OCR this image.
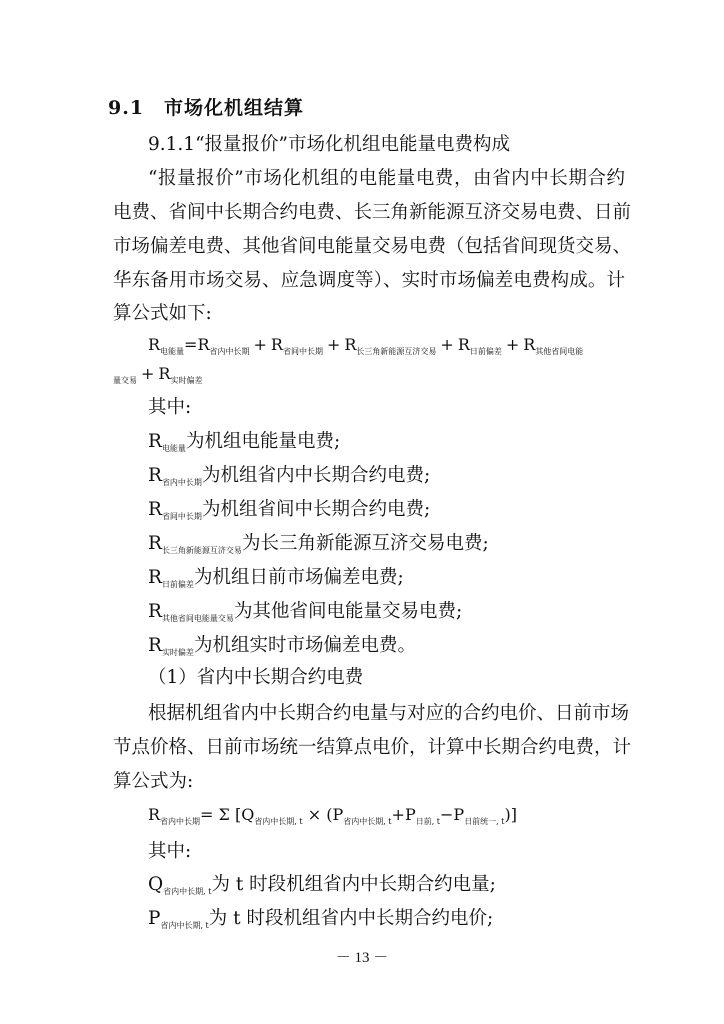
9.1 市场化机组结算
9.1.1“报量报价”市场化机组电能量电费构成
“报量报价”市场化机组的电能量电费，由省内中长期合约
电费、省间中长期合约电费、长三角新能源互济交易电费、日前
市场偏差电费、其他省间电能量交易电费（包括省间现货交易、
华东备用市场交易、应急调度等）、实时市场偏差电费构成。计
算公式如下:
$R_{电能量}=R_{省内中长期} + R_{省间中长期} + R_{长三角新能源互济交易} + R_{日前偏差} + R_{其他省间电能}$
$_{量交易} + R_{实时偏差}$
其中:
$R_{电能量}$为机组电能量电费;
$R_{省内中长期}$为机组省内中长期合约电费;
$R_{省间中长期}$为机组省间中长期合约电费;
$R_{长三角新能源互济交易}$为长三角新能源互济交易电费;
$R_{日前偏差}$为机组日前市场偏差电费;
$R_{其他省间电能量交易}$为其他省间电能量交易电费;
$R_{实时偏差}$为机组实时市场偏差电费。
（1）省内中长期合约电费
根据机组省内中长期合约电量与对应的合约电价、日前市场
节点价格、日前市场统一结算点电价，计算中长期合约电费，计
算公式为:
$R_{省内中长期}= \Sigma$ $[Q_{省内中长期, t} \times (P_{省内中长期, t}+P_{日前, t}-P_{日前统一, t})]$
其中:
$Q_{省内中长期, t}$为 t 时段机组省内中长期合约电量;
$P_{省内中长期, t}$为 t 时段机组省内中长期合约电价;
－ 13 －
